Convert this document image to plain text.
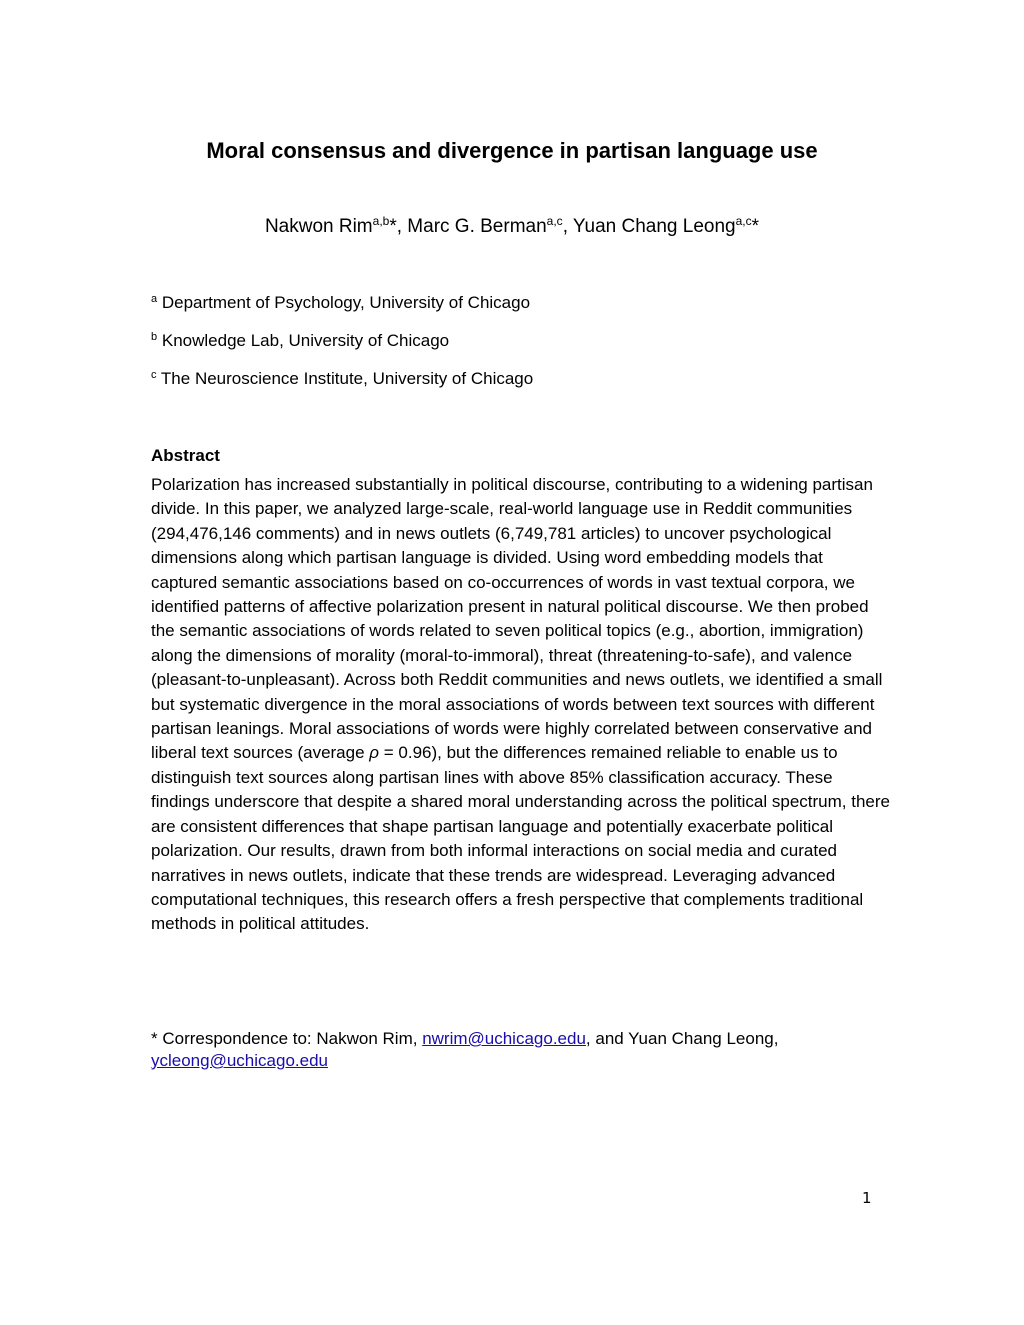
Moral consensus and divergence in partisan language use
Nakwon Rim$^{a,b}$*, Marc G. Berman$^{a,c}$, Yuan Chang Leong$^{a,c}$*
$^a$ Department of Psychology, University of Chicago
$^b$ Knowledge Lab, University of Chicago
$^c$ The Neuroscience Institute, University of Chicago
Abstract

Polarization has increased substantially in political discourse, contributing to a widening partisan divide. In this paper, we analyzed large-scale, real-world language use in Reddit communities (294,476,146 comments) and in news outlets (6,749,781 articles) to uncover psychological dimensions along which partisan language is divided. Using word embedding models that captured semantic associations based on co-occurrences of words in vast textual corpora, we identified patterns of affective polarization present in natural political discourse. We then probed the semantic associations of words related to seven political topics (e.g., abortion, immigration) along the dimensions of morality (moral-to-immoral), threat (threatening-to-safe), and valence (pleasant-to-unpleasant). Across both Reddit communities and news outlets, we identified a small but systematic divergence in the moral associations of words between text sources with different partisan leanings. Moral associations of words were highly correlated between conservative and liberal text sources (average ρ = 0.96), but the differences remained reliable to enable us to distinguish text sources along partisan lines with above 85% classification accuracy. These findings underscore that despite a shared moral understanding across the political spectrum, there are consistent differences that shape partisan language and potentially exacerbate political polarization. Our results, drawn from both informal interactions on social media and curated narratives in news outlets, indicate that these trends are widespread. Leveraging advanced computational techniques, this research offers a fresh perspective that complements traditional methods in political attitudes.

* Correspondence to: Nakwon Rim, nwrim@uchicago.edu, and Yuan Chang Leong,
ycleong@uchicago.edu
1
